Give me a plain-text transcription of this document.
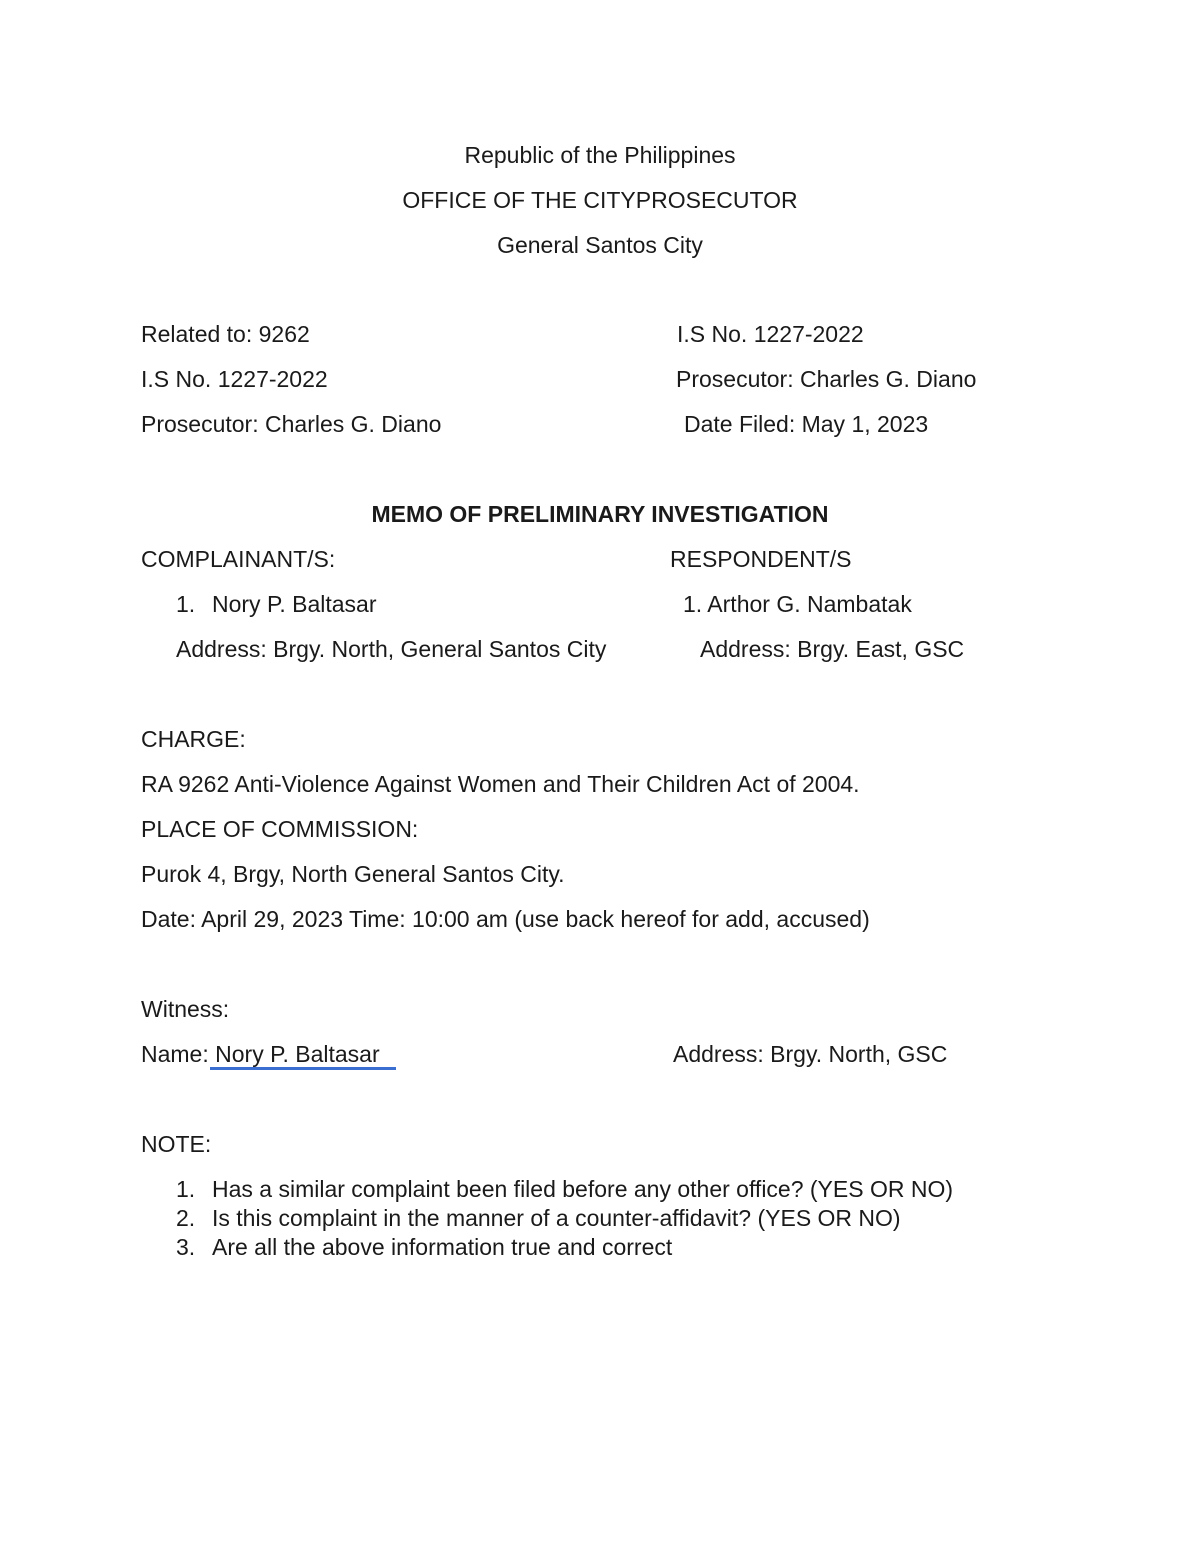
Republic of the Philippines
OFFICE OF THE CITYPROSECUTOR
General Santos City
Related to: 9262
I.S No. 1227-2022
Prosecutor: Charles G. Diano
I.S No. 1227-2022
Prosecutor: Charles G. Diano
Date Filed: May 1, 2023
MEMO OF PRELIMINARY INVESTIGATION
COMPLAINANT/S:
1. Nory P. Baltasar
Address: Brgy. North, General Santos City
RESPONDENT/S
1. Arthor G. Nambatak
Address: Brgy. East, GSC
CHARGE:
RA 9262 Anti-Violence Against Women and Their Children Act of 2004.
PLACE OF COMMISSION:
Purok 4, Brgy, North General Santos City.
Date: April 29, 2023 Time: 10:00 am (use back hereof for add, accused)
Witness:
Name: Nory P. Baltasar	Address: Brgy. North, GSC
NOTE:
1. Has a similar complaint been filed before any other office? (YES OR NO)
2. Is this complaint in the manner of a counter-affidavit? (YES OR NO)
3. Are all the above information true and correct
